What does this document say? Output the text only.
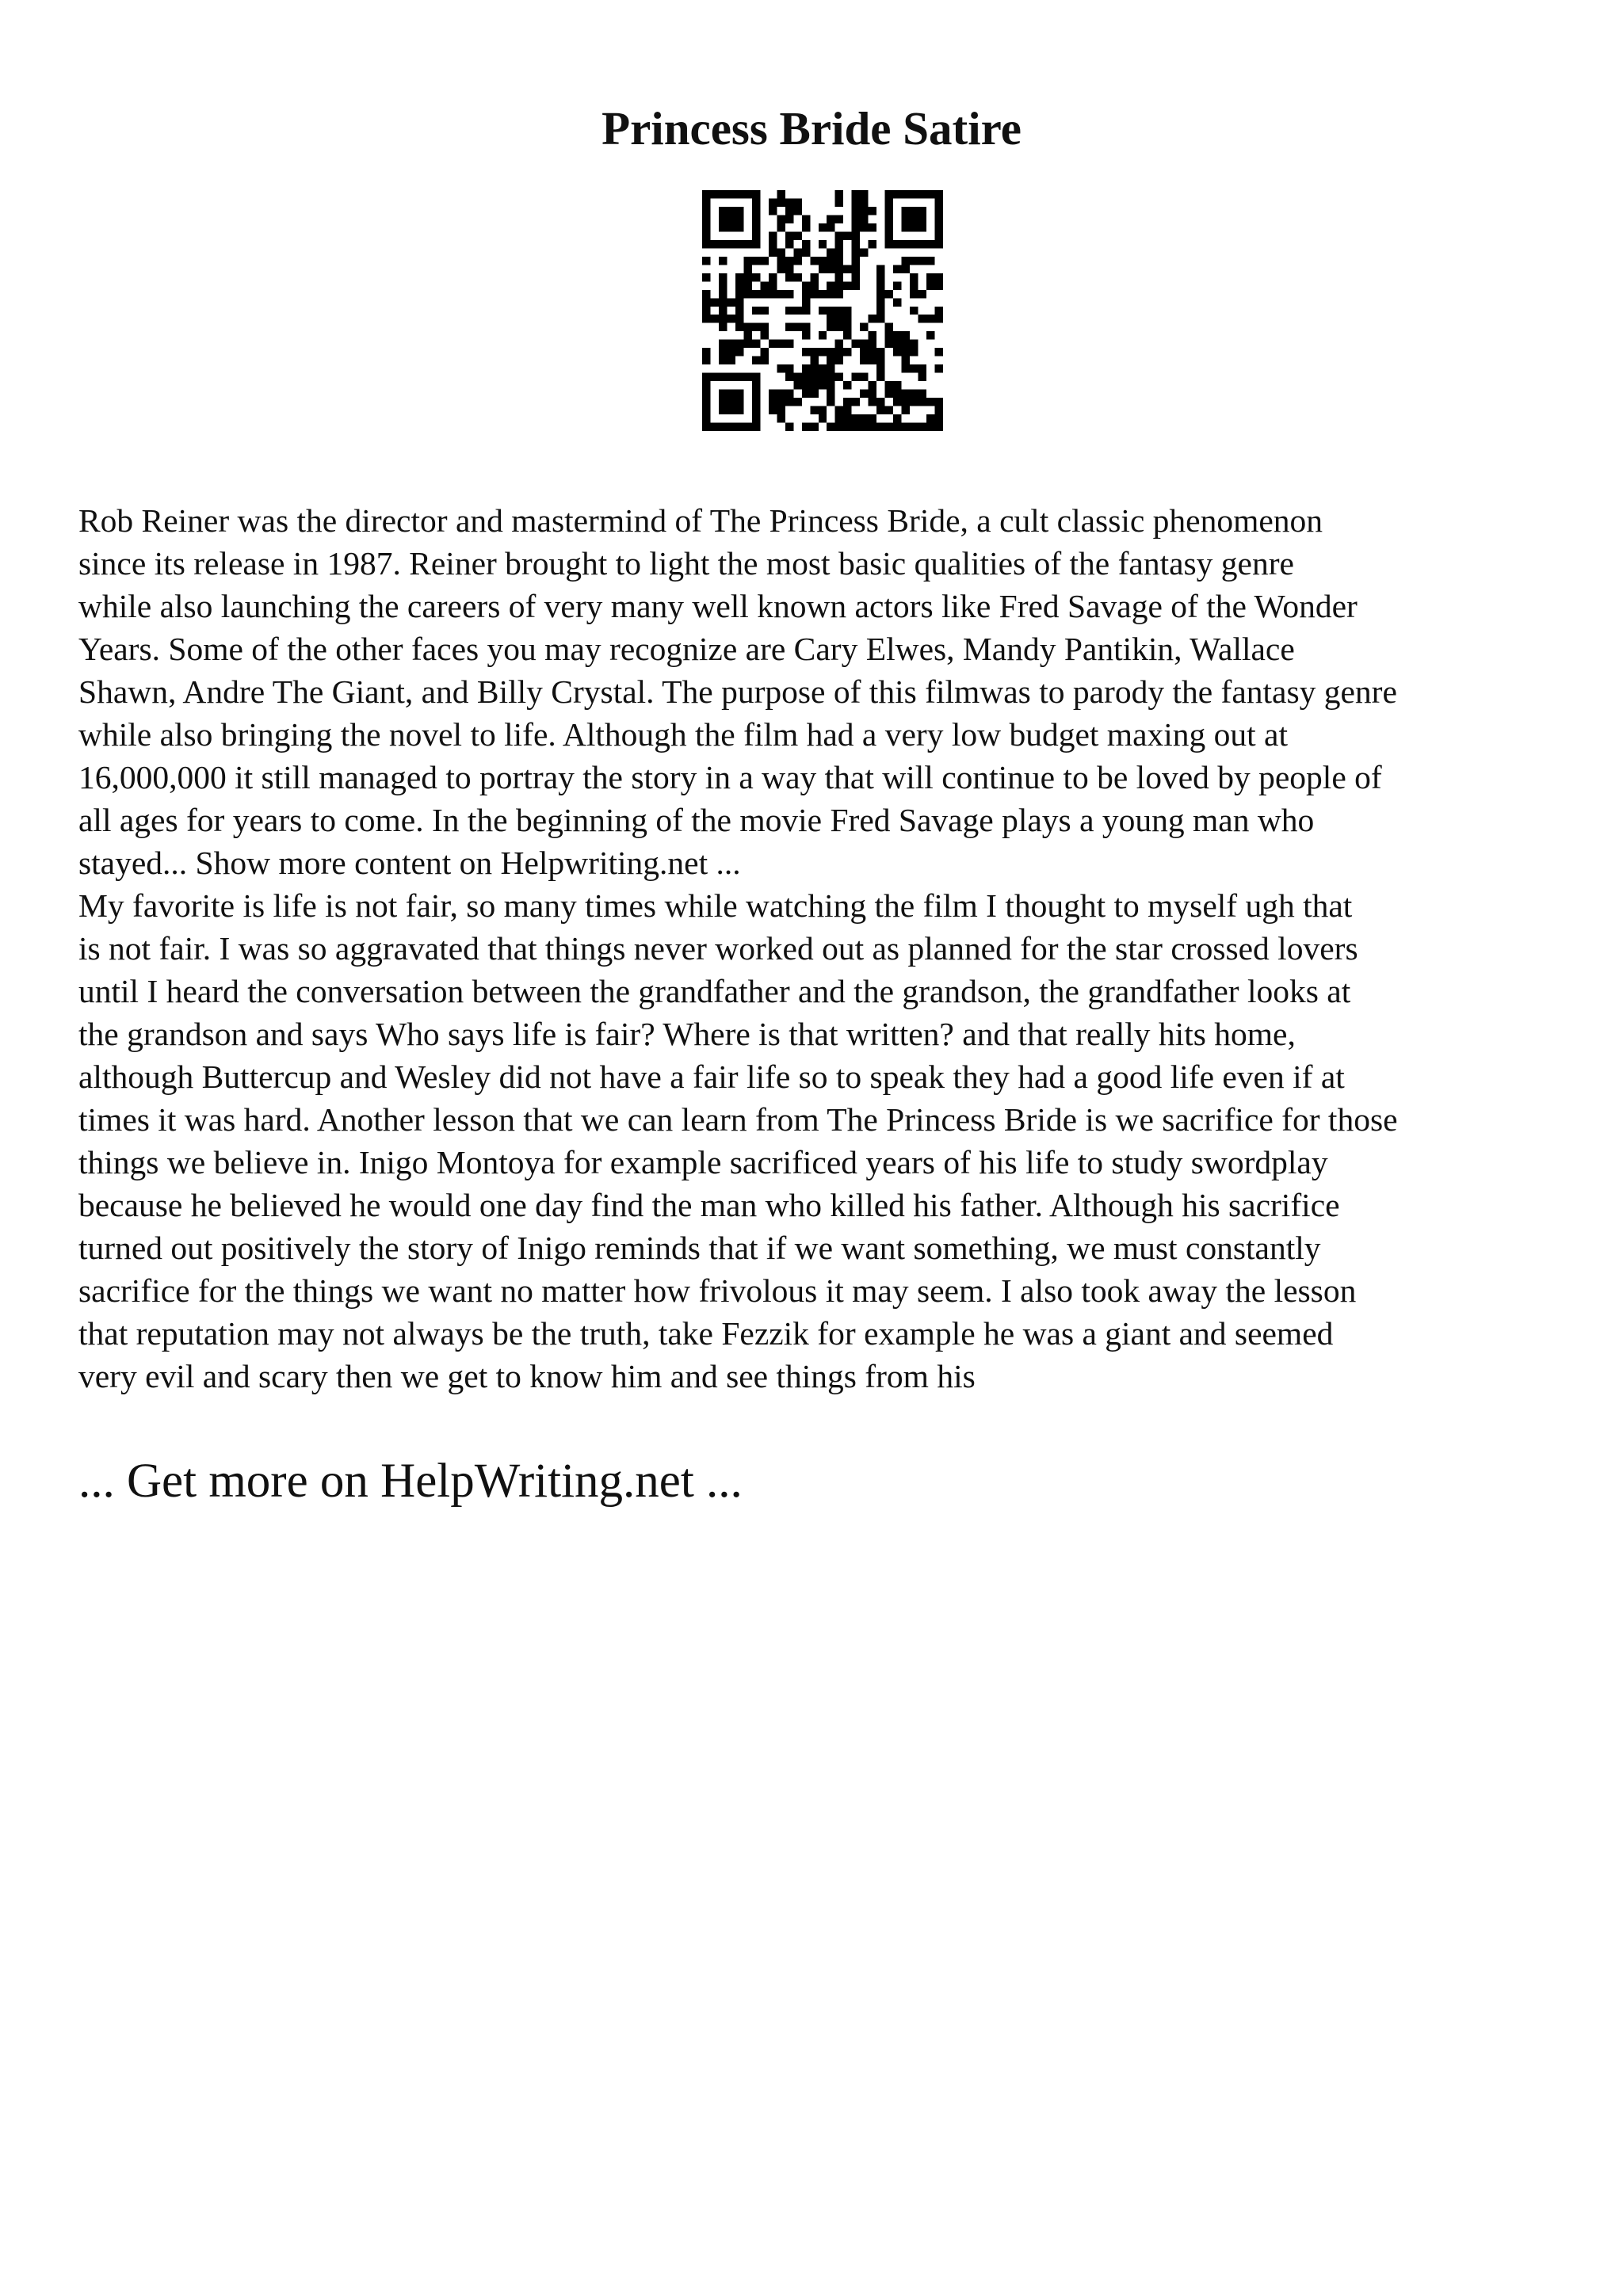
Princess Bride Satire

Rob Reiner was the director and mastermind of The Princess Bride, a cult classic phenomenon
since its release in 1987. Reiner brought to light the most basic qualities of the fantasy genre
while also launching the careers of very many well known actors like Fred Savage of the Wonder
Years. Some of the other faces you may recognize are Cary Elwes, Mandy Pantikin, Wallace
Shawn, Andre The Giant, and Billy Crystal. The purpose of this filmwas to parody the fantasy genre
while also bringing the novel to life. Although the film had a very low budget maxing out at
16,000,000 it still managed to portray the story in a way that will continue to be loved by people of
all ages for years to come. In the beginning of the movie Fred Savage plays a young man who
stayed... Show more content on Helpwriting.net ...

My favorite is life is not fair, so many times while watching the film I thought to myself ugh that
is not fair. I was so aggravated that things never worked out as planned for the star crossed lovers
until I heard the conversation between the grandfather and the grandson, the grandfather looks at
the grandson and says Who says life is fair? Where is that written? and that really hits home,
although Buttercup and Wesley did not have a fair life so to speak they had a good life even if at
times it was hard. Another lesson that we can learn from The Princess Bride is we sacrifice for those
things we believe in. Inigo Montoya for example sacrificed years of his life to study swordplay
because he believed he would one day find the man who killed his father. Although his sacrifice
turned out positively the story of Inigo reminds that if we want something, we must constantly
sacrifice for the things we want no matter how frivolous it may seem. I also took away the lesson
that reputation may not always be the truth, take Fezzik for example he was a giant and seemed
very evil and scary then we get to know him and see things from his

... Get more on HelpWriting.net ...
